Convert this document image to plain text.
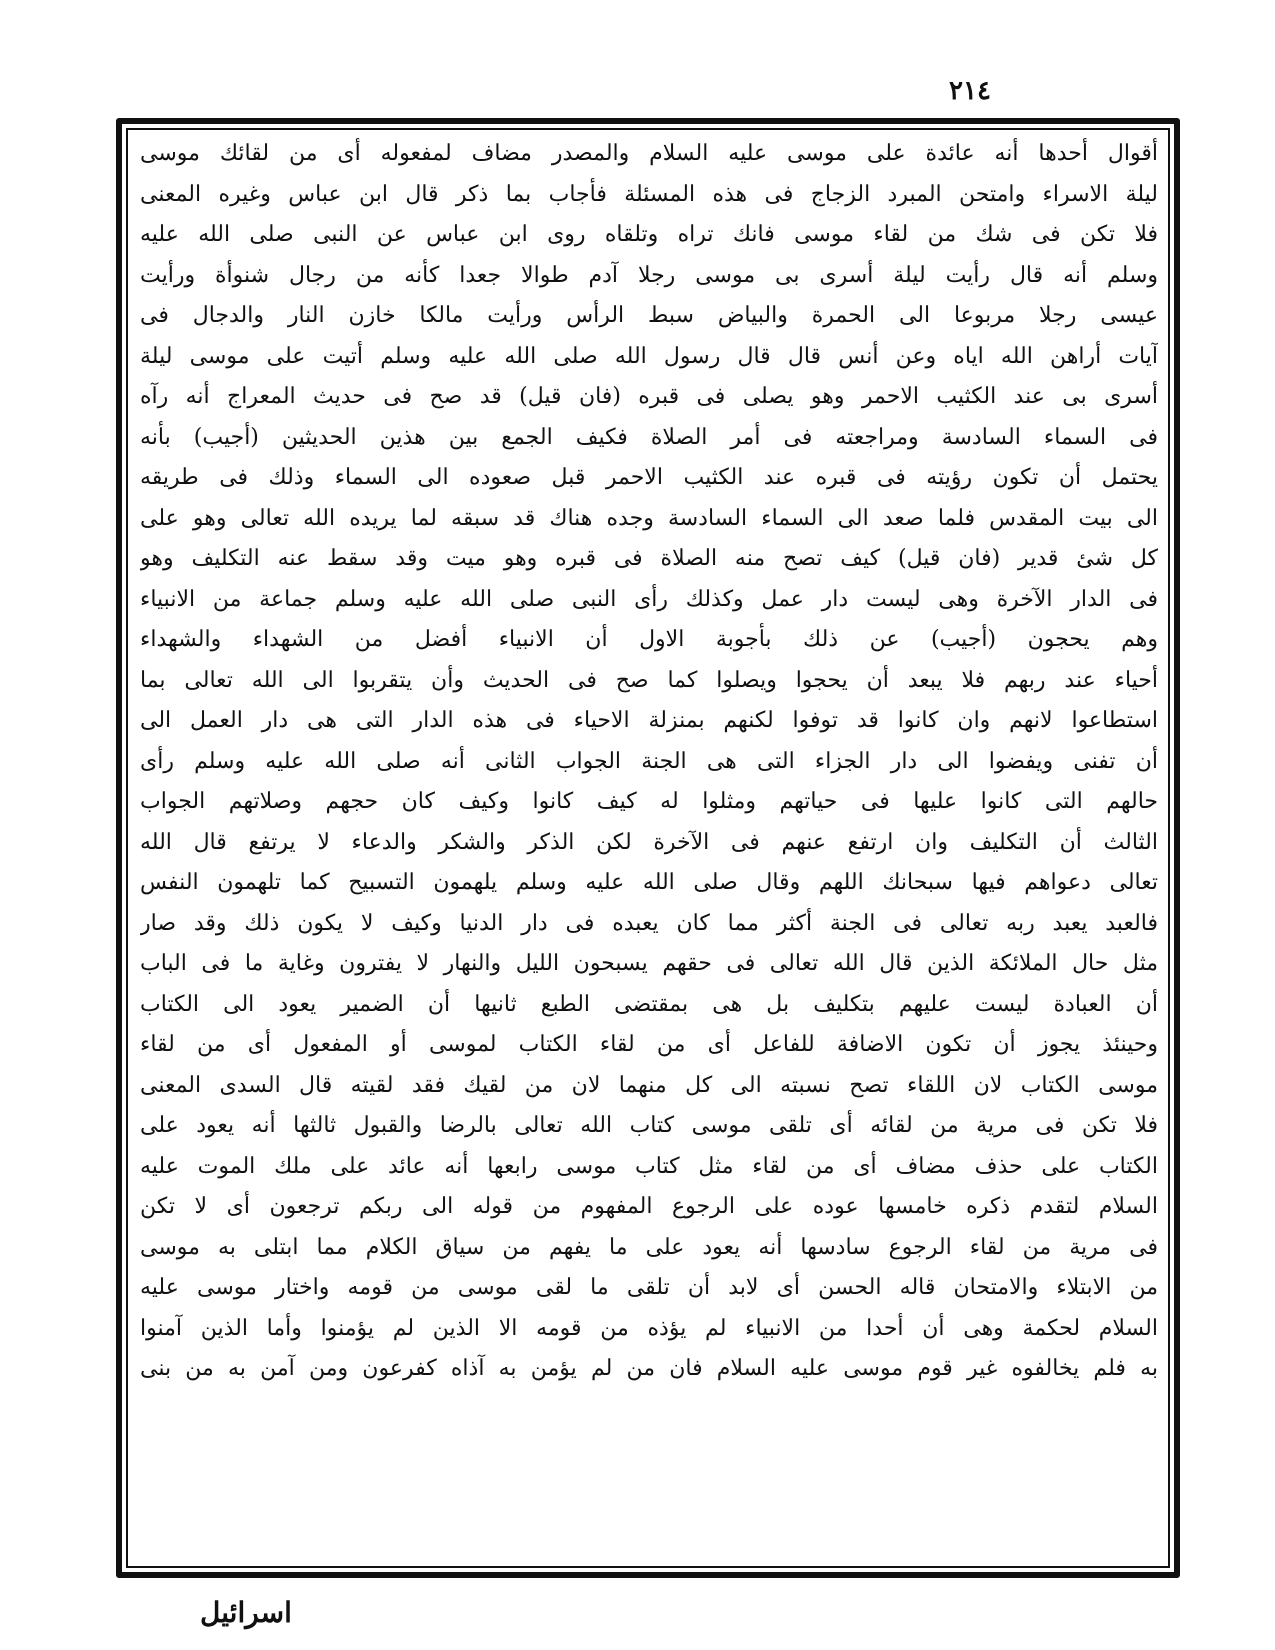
٢١٤
أقوال أحدها أنه عائدة على موسى عليه السلام والمصدر مضاف لمفعوله أى من لقائك موسى
ليلة الاسراء وامتحن المبرد الزجاج فى هذه المسئلة فأجاب بما ذكر قال ابن عباس وغيره المعنى
فلا تكن فى شك من لقاء موسى فانك تراه وتلقاه روى ابن عباس عن النبى صلى الله عليه
وسلم أنه قال رأيت ليلة أسرى بى موسى رجلا آدم طوالا جعدا كأنه من رجال شنوأة ورأيت
عيسى رجلا مربوعا الى الحمرة والبياض سبط الرأس ورأيت مالكا خازن النار والدجال فى
آيات أراهن الله اياه وعن أنس قال قال رسول الله صلى الله عليه وسلم أتيت على موسى ليلة
أسرى بى عند الكثيب الاحمر وهو يصلى فى قبره (فان قيل) قد صح فى حديث المعراج أنه رآه
فى السماء السادسة ومراجعته فى أمر الصلاة فكيف الجمع بين هذين الحديثين (أجيب) بأنه
يحتمل أن تكون رؤيته فى قبره عند الكثيب الاحمر قبل صعوده الى السماء وذلك فى طريقه
الى بيت المقدس فلما صعد الى السماء السادسة وجده هناك قد سبقه لما يريده الله تعالى وهو على
كل شئ قدير (فان قيل) كيف تصح منه الصلاة فى قبره وهو ميت وقد سقط عنه التكليف وهو
فى الدار الآخرة وهى ليست دار عمل وكذلك رأى النبى صلى الله عليه وسلم جماعة من الانبياء
وهم يحجون (أجيب) عن ذلك بأجوبة الاول أن الانبياء أفضل من الشهداء والشهداء
أحياء عند ربهم فلا يبعد أن يحجوا ويصلوا كما صح فى الحديث وأن يتقربوا الى الله تعالى بما
استطاعوا لانهم وان كانوا قد توفوا لكنهم بمنزلة الاحياء فى هذه الدار التى هى دار العمل الى
أن تفنى ويفضوا الى دار الجزاء التى هى الجنة الجواب الثانى أنه صلى الله عليه وسلم رأى
حالهم التى كانوا عليها فى حياتهم ومثلوا له كيف كانوا وكيف كان حجهم وصلاتهم الجواب
الثالث أن التكليف وان ارتفع عنهم فى الآخرة لكن الذكر والشكر والدعاء لا يرتفع قال الله
تعالى دعواهم فيها سبحانك اللهم وقال صلى الله عليه وسلم يلهمون التسبيح كما تلهمون النفس
فالعبد يعبد ربه تعالى فى الجنة أكثر مما كان يعبده فى دار الدنيا وكيف لا يكون ذلك وقد صار
مثل حال الملائكة الذين قال الله تعالى فى حقهم يسبحون الليل والنهار لا يفترون وغاية ما فى الباب
أن العبادة ليست عليهم بتكليف بل هى بمقتضى الطبع ثانيها أن الضمير يعود الى الكتاب
وحينئذ يجوز أن تكون الاضافة للفاعل أى من لقاء الكتاب لموسى أو المفعول أى من لقاء
موسى الكتاب لان اللقاء تصح نسبته الى كل منهما لان من لقيك فقد لقيته قال السدى المعنى
فلا تكن فى مرية من لقائه أى تلقى موسى كتاب الله تعالى بالرضا والقبول ثالثها أنه يعود على
الكتاب على حذف مضاف أى من لقاء مثل كتاب موسى رابعها أنه عائد على ملك الموت عليه
السلام لتقدم ذكره خامسها عوده على الرجوع المفهوم من قوله الى ربكم ترجعون أى لا تكن
فى مرية من لقاء الرجوع سادسها أنه يعود على ما يفهم من سياق الكلام مما ابتلى به موسى
من الابتلاء والامتحان قاله الحسن أى لابد أن تلقى ما لقى موسى من قومه واختار موسى عليه
السلام لحكمة وهى أن أحدا من الانبياء لم يؤذه من قومه الا الذين لم يؤمنوا وأما الذين آمنوا
به فلم يخالفوه غير قوم موسى عليه السلام فان من لم يؤمن به آذاه كفرعون ومن آمن به من بنى
اسرائيل
